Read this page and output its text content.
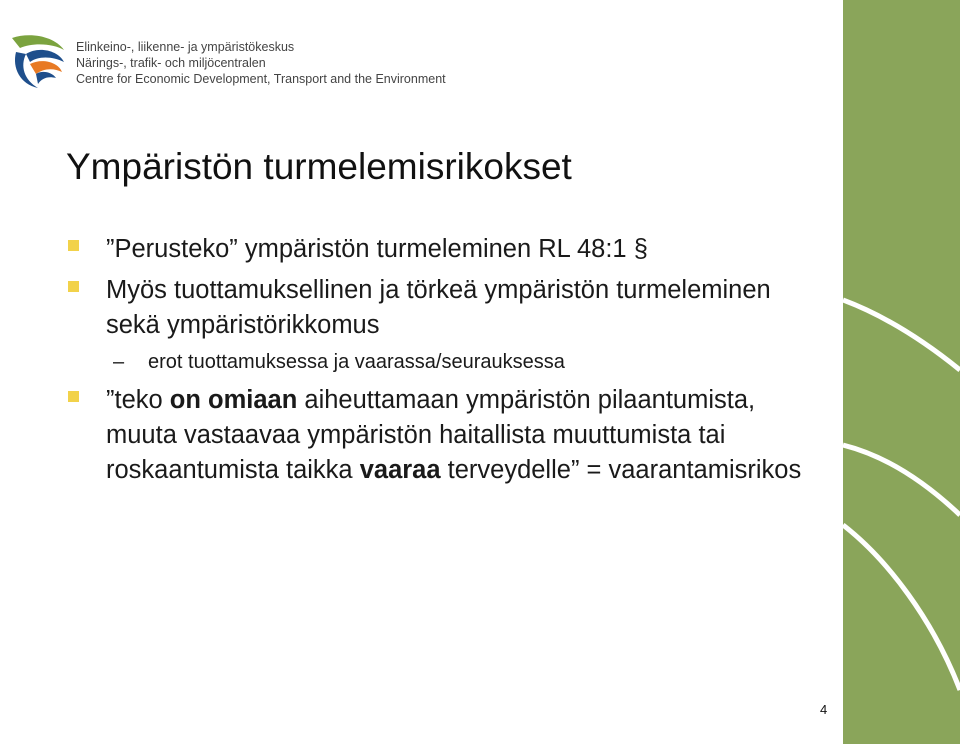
Elinkeino-, liikenne- ja ympäristökeskus
Närings-, trafik- och miljöcentralen
Centre for Economic Development, Transport and the Environment
Ympäristön turmelemisrikokset
”Perusteko” ympäristön turmeleminen RL 48:1 §
Myös tuottamuksellinen ja törkeä ympäristön turmeleminen sekä ympäristörikkomus
– erot tuottamuksessa ja vaarassa/seurauksessa
”teko on omiaan aiheuttamaan ympäristön pilaantumista, muuta vastaavaa ympäristön haitallista muuttumista tai roskaantumista taikka vaaraa terveydelle” = vaarantamisrikos
4
